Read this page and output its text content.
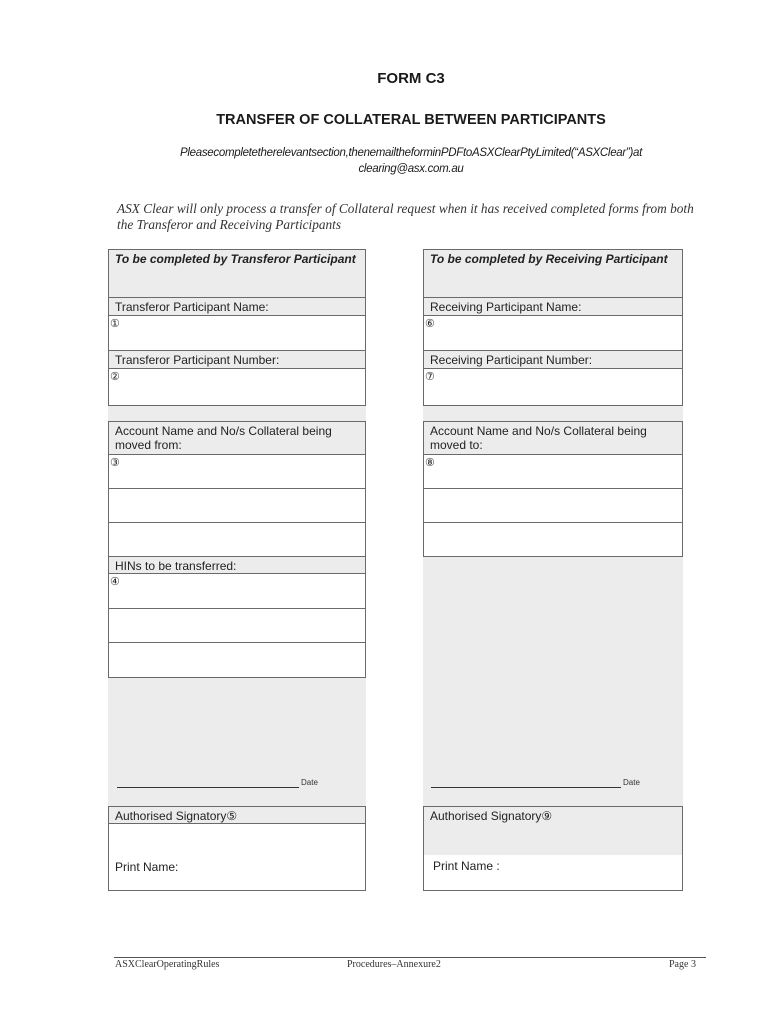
FORM C3
TRANSFER OF COLLATERAL BETWEEN PARTICIPANTS
Pleasecompletetherelevantsection,thenemailtheforminPDFtoASXClearPtyLimited(“ASXClear”)at
clearing@asx.com.au
ASX Clear will only process a transfer of Collateral request when it has received completed forms from both the Transferor and Receiving Participants
To be completed by Transferor Participant
Transferor Participant Name:
①
Transferor Participant Number:
②
Account Name and No/s Collateral being moved from:
③
HINs to be transferred:
④
Date
Authorised Signatory⑤
Print Name:
To be completed by Receiving Participant
Receiving Participant Name:
⑥
Receiving Participant Number:
⑦
Account Name and No/s Collateral being moved to:
⑧
Date
Authorised Signatory⑨
Print Name :
ASXClearOperatingRules	Procedures–Annexure2	Page 3
